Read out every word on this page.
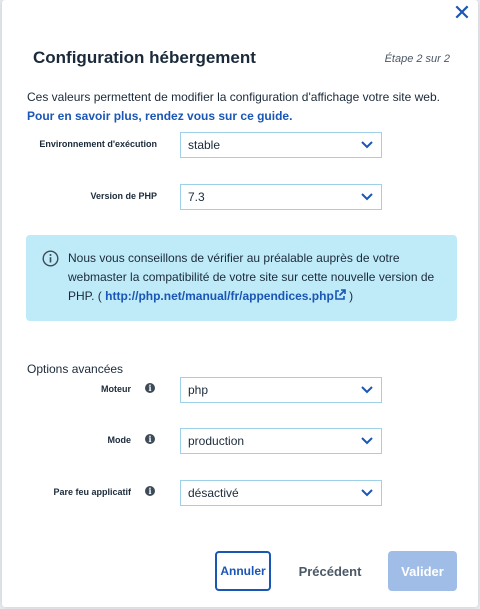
✕
Configuration hébergement	Étape 2 sur 2
Ces valeurs permettent de modifier la configuration d'affichage votre site web.
Pour en savoir plus, rendez vous sur ce guide.
Environnement d'exécution	stable
Version de PHP	7.3
Nous vous conseillons de vérifier au préalable auprès de votre webmaster la compatibilité de votre site sur cette nouvelle version de PHP. ( http://php.net/manual/fr/appendices.php )
Options avancées
Moteur	i	php
Mode	i	production
Pare feu applicatif	i	désactivé
Annuler	Précédent	Valider
